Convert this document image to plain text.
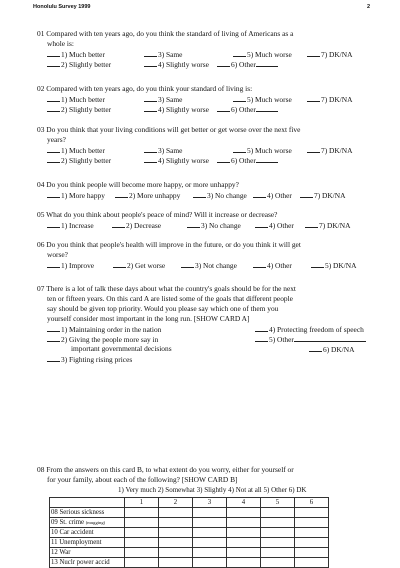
Honolulu Survey 1999	2
01 Compared with ten years ago, do you think the standard of living of Americans as a
whole is:
1) Much better	3) Same	5) Much worse	7) DK/NA
2) Slightly better	4) Slightly worse	6) Other
02 Compared with ten years ago, do you think your standard of living is:
1) Much better	3) Same	5) Much worse	7) DK/NA
2) Slightly better	4) Slightly worse	6) Other
03 Do you think that your living conditions will get better or get worse over the next five
years?
1) Much better	3) Same	5) Much worse	7) DK/NA
2) Slightly better	4) Slightly worse	6) Other
04 Do you think people will become more happy, or more unhappy?
1) More happy	2) More unhappy	3) No change	4) Other	7) DK/NA
05 What do you think about people's peace of mind? Will it increase or decrease?
1) Increase	2) Decrease	3) No change	4) Other	7) DK/NA
06 Do you think that people's health will improve in the future, or do you think it will get
worse?
1) Improve	2) Get worse	3) Not change	4) Other	5) DK/NA
07 There is a lot of talk these days about what the country's goals should be for the next
ten or fifteen years. On this card A are listed some of the goals that different people
say should be given top priority. Would you please say which one of them you
yourself consider most important in the long run. [SHOW CARD A]
1) Maintaining order in the nation	4) Protecting freedom of speech
2) Giving the people more say in	5) Other
important governmental decisions	6) DK/NA
3) Fighting rising prices
08 From the answers on this card B, to what extent do you worry, either for yourself or
for your family, about each of the following? [SHOW CARD B]
1) Very much 2) Somewhat 3) Slightly 4) Not at all 5) Other 6) DK
	1	2	3	4	5	6
08 Serious sickness						
09 St. crime (mugging)						
10 Car accident						
11 Unemployment						
12 War						
13 Nuclr power accid						
